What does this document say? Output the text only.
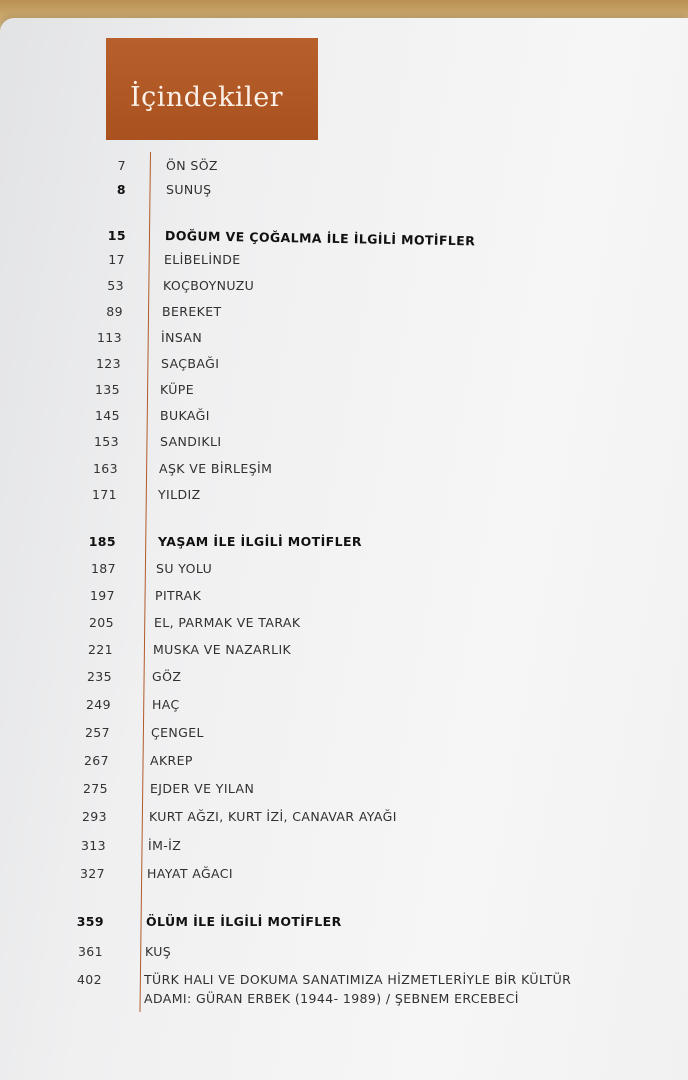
İçindekiler
7	ÖN SÖZ
8	SUNUŞ
15	DOĞUM VE ÇOĞALMA İLE İLGİLİ MOTİFLER
17	ELİBELİNDE
53	KOÇBOYNUZU
89	BEREKET
113	İNSAN
123	SAÇBAĞI
135	KÜPE
145	BUKAĞI
153	SANDIKLI
163	AŞK VE BİRLEŞİM
171	YILDIZ
185	YAŞAM İLE İLGİLİ MOTİFLER
187	SU YOLU
197	PITRAK
205	EL, PARMAK VE TARAK
221	MUSKA VE NAZARLIK
235	GÖZ
249	HAÇ
257	ÇENGEL
267	AKREP
275	EJDER VE YILAN
293	KURT AĞZI, KURT İZİ, CANAVAR AYAĞI
313	İM-İZ
327	HAYAT AĞACI
359	ÖLÜM İLE İLGİLİ MOTİFLER
361	KUŞ
402	TÜRK HALI VE DOKUMA SANATIMIZA HİZMETLERİYLE BİR KÜLTÜR
ADAMI: GÜRAN ERBEK (1944- 1989) / ŞEBNEM ERCEBECİ
